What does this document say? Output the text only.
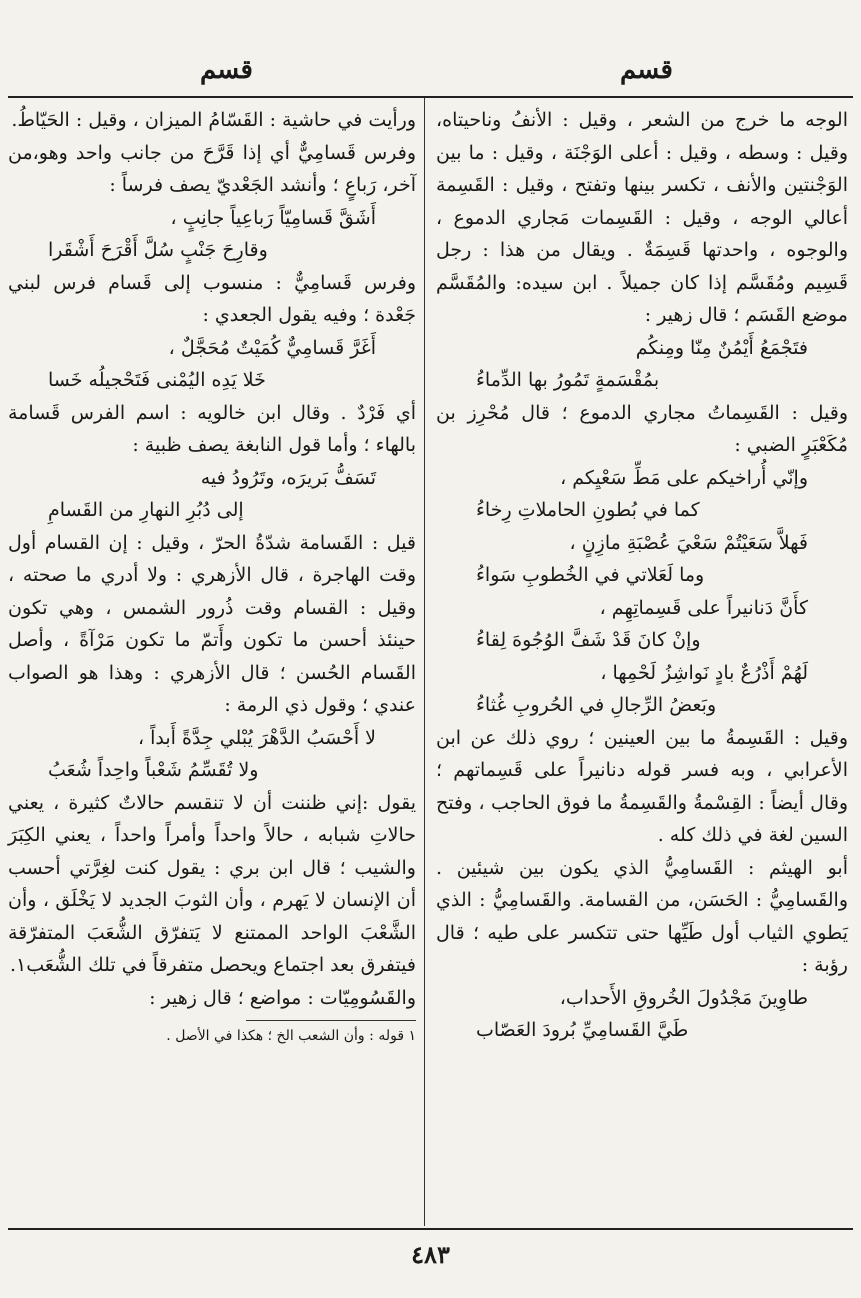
قسم
قسم

الوجه ما خرج من الشعر ، وقيل : الأنفُ وناحيتاه، وقيل : وسطه ، وقيل : أعلى الوَجْنَة ، وقيل : ما بين الوَجْنتين والأنف ، تكسر بينها وتفتح ، وقيل : القَسِمة أعالي الوجه ، وقيل : القَسِمات مَجاري الدموع ، والوجوه ، واحدتها قَسِمَةٌ . ويقال من هذا : رجل قَسِيم ومُقَسَّم إذا كان جميلاً . ابن سيده: والمُقَسَّم موضع القَسَم ؛ قال زهير :

فتَجْمَعُ أَيْمُنٌ مِنّا ومِنكُم
بمُقْسَمةٍ تَمُورُ بها الدِّماءُ

وقيل : القَسِماتُ مجاري الدموع ؛ قال مُحْرِز بن مُكَعْبَرٍ الضبي :

وإنّي أُراخيكم على مَطِّ سَعْيِكم ،
كما في بُطونِ الحاملاتِ رِخاءُ
فَهلاَّ سَعَيْتُمْ سَعْيَ عُصْبَةِ مازِنٍ ،
وما لَعَلاتي في الخُطوبِ سَواءُ
كأَنَّ دَنانيراً على قَسِماتِهِم ،
وإنْ كانَ قَدْ شَفَّ الوُجُوهَ لِقاءُ
لَهُمْ أَذْرُعٌ بادٍ نَواشِزُ لَحْمِها ،
وبَعضُ الرِّجالِ في الحُروبِ غُثاءُ

وقيل : القَسِمةُ ما بين العينين ؛ روي ذلك عن ابن الأعرابي ، وبه فسر قوله دنانيراً على قَسِماتهم ؛ وقال أيضاً : القِسْمةُ والقَسِمةُ ما فوق الحاجب ، وفتح السين لغة في ذلك كله .

أبو الهيثم : القَسامِيُّ الذي يكون بين شيئين . والقَسامِيُّ : الحَسَن، من القسامة. والقَسامِيُّ : الذي يَطوي الثياب أول طَيِّها حتى تتكسر على طيه ؛ قال رؤبة :

طاوِينَ مَجْدُولَ الخُروقِ الأَحداب،
طَيَّ القَسامِيِّ بُرودَ العَصّاب

ورأيت في حاشية : القَسّامُ الميزان ، وقيل : الحَيّاطُ.

وفرس قَسامِيٌّ أي إذا قَرَّحَ من جانب واحد وهو،من آخر، رَباعٍ ؛ وأنشد الجَعْديّ يصف فرساً :

أَشَقَّ قَسامِيّاً رَباعِياً جانِبٍ ،
وقارِحَ جَنْبٍ سُلَّ أَقْرَحَ أَشْقَرا

وفرس قَسامِيٌّ : منسوب إلى قَسام فرس لبني جَعْدة ؛ وفيه يقول الجعدي :

أَغَرَّ قَسامِيٌّ كُمَيْتٌ مُحَجَّلٌ ،
خَلا يَدِه اليُمْنى فَتَحْجيلُه خَسا

أي فَرْدٌ . وقال ابن خالويه : اسم الفرس قَسامة بالهاء ؛ وأما قول النابغة يصف ظبية :

تَسَفُّ بَريرَه، وتَرُودُ فيه
إلى دُبُرِ النهارِ من القَسامِ

قيل : القَسامة شدّةُ الحرّ ، وقيل : إن القسام أول وقت الهاجرة ، قال الأزهري : ولا أدري ما صحته ، وقيل : القسام وقت ذُرور الشمس ، وهي تكون حينئذ أحسن ما تكون وأَتمّ ما تكون مَرْآةً ، وأصل القَسام الحُسن ؛ قال الأزهري : وهذا هو الصواب عندي ؛ وقول ذي الرمة :

لا أَحْسَبُ الدَّهْرَ يُبْلي جِدَّةً أَبداً ،
ولا تُقَسِّمُ شَعْباً واحِداً شُعَبُ

يقول :إني ظننت أن لا تنقسم حالاتٌ كثيرة ، يعني حالاتِ شبابه ، حالاً واحداً وأمراً واحداً ، يعني الكِبَرَ والشيب ؛ قال ابن بري : يقول كنت لغِرَّتي أحسب أن الإنسان لا يَهرم ، وأن الثوبَ الجديد لا يَخْلَق ، وأن الشَّعْبَ الواحد الممتنع لا يَتفرّق الشُّعَبَ المتفرّقة فيتفرق بعد اجتماع ويحصل متفرقاً في تلك الشُّعَب١.

والقَسُومِيّات : مواضع ؛ قال زهير :

١ قوله : وأن الشعب الخ ؛ هكذا في الأصل .

٤٨٣
